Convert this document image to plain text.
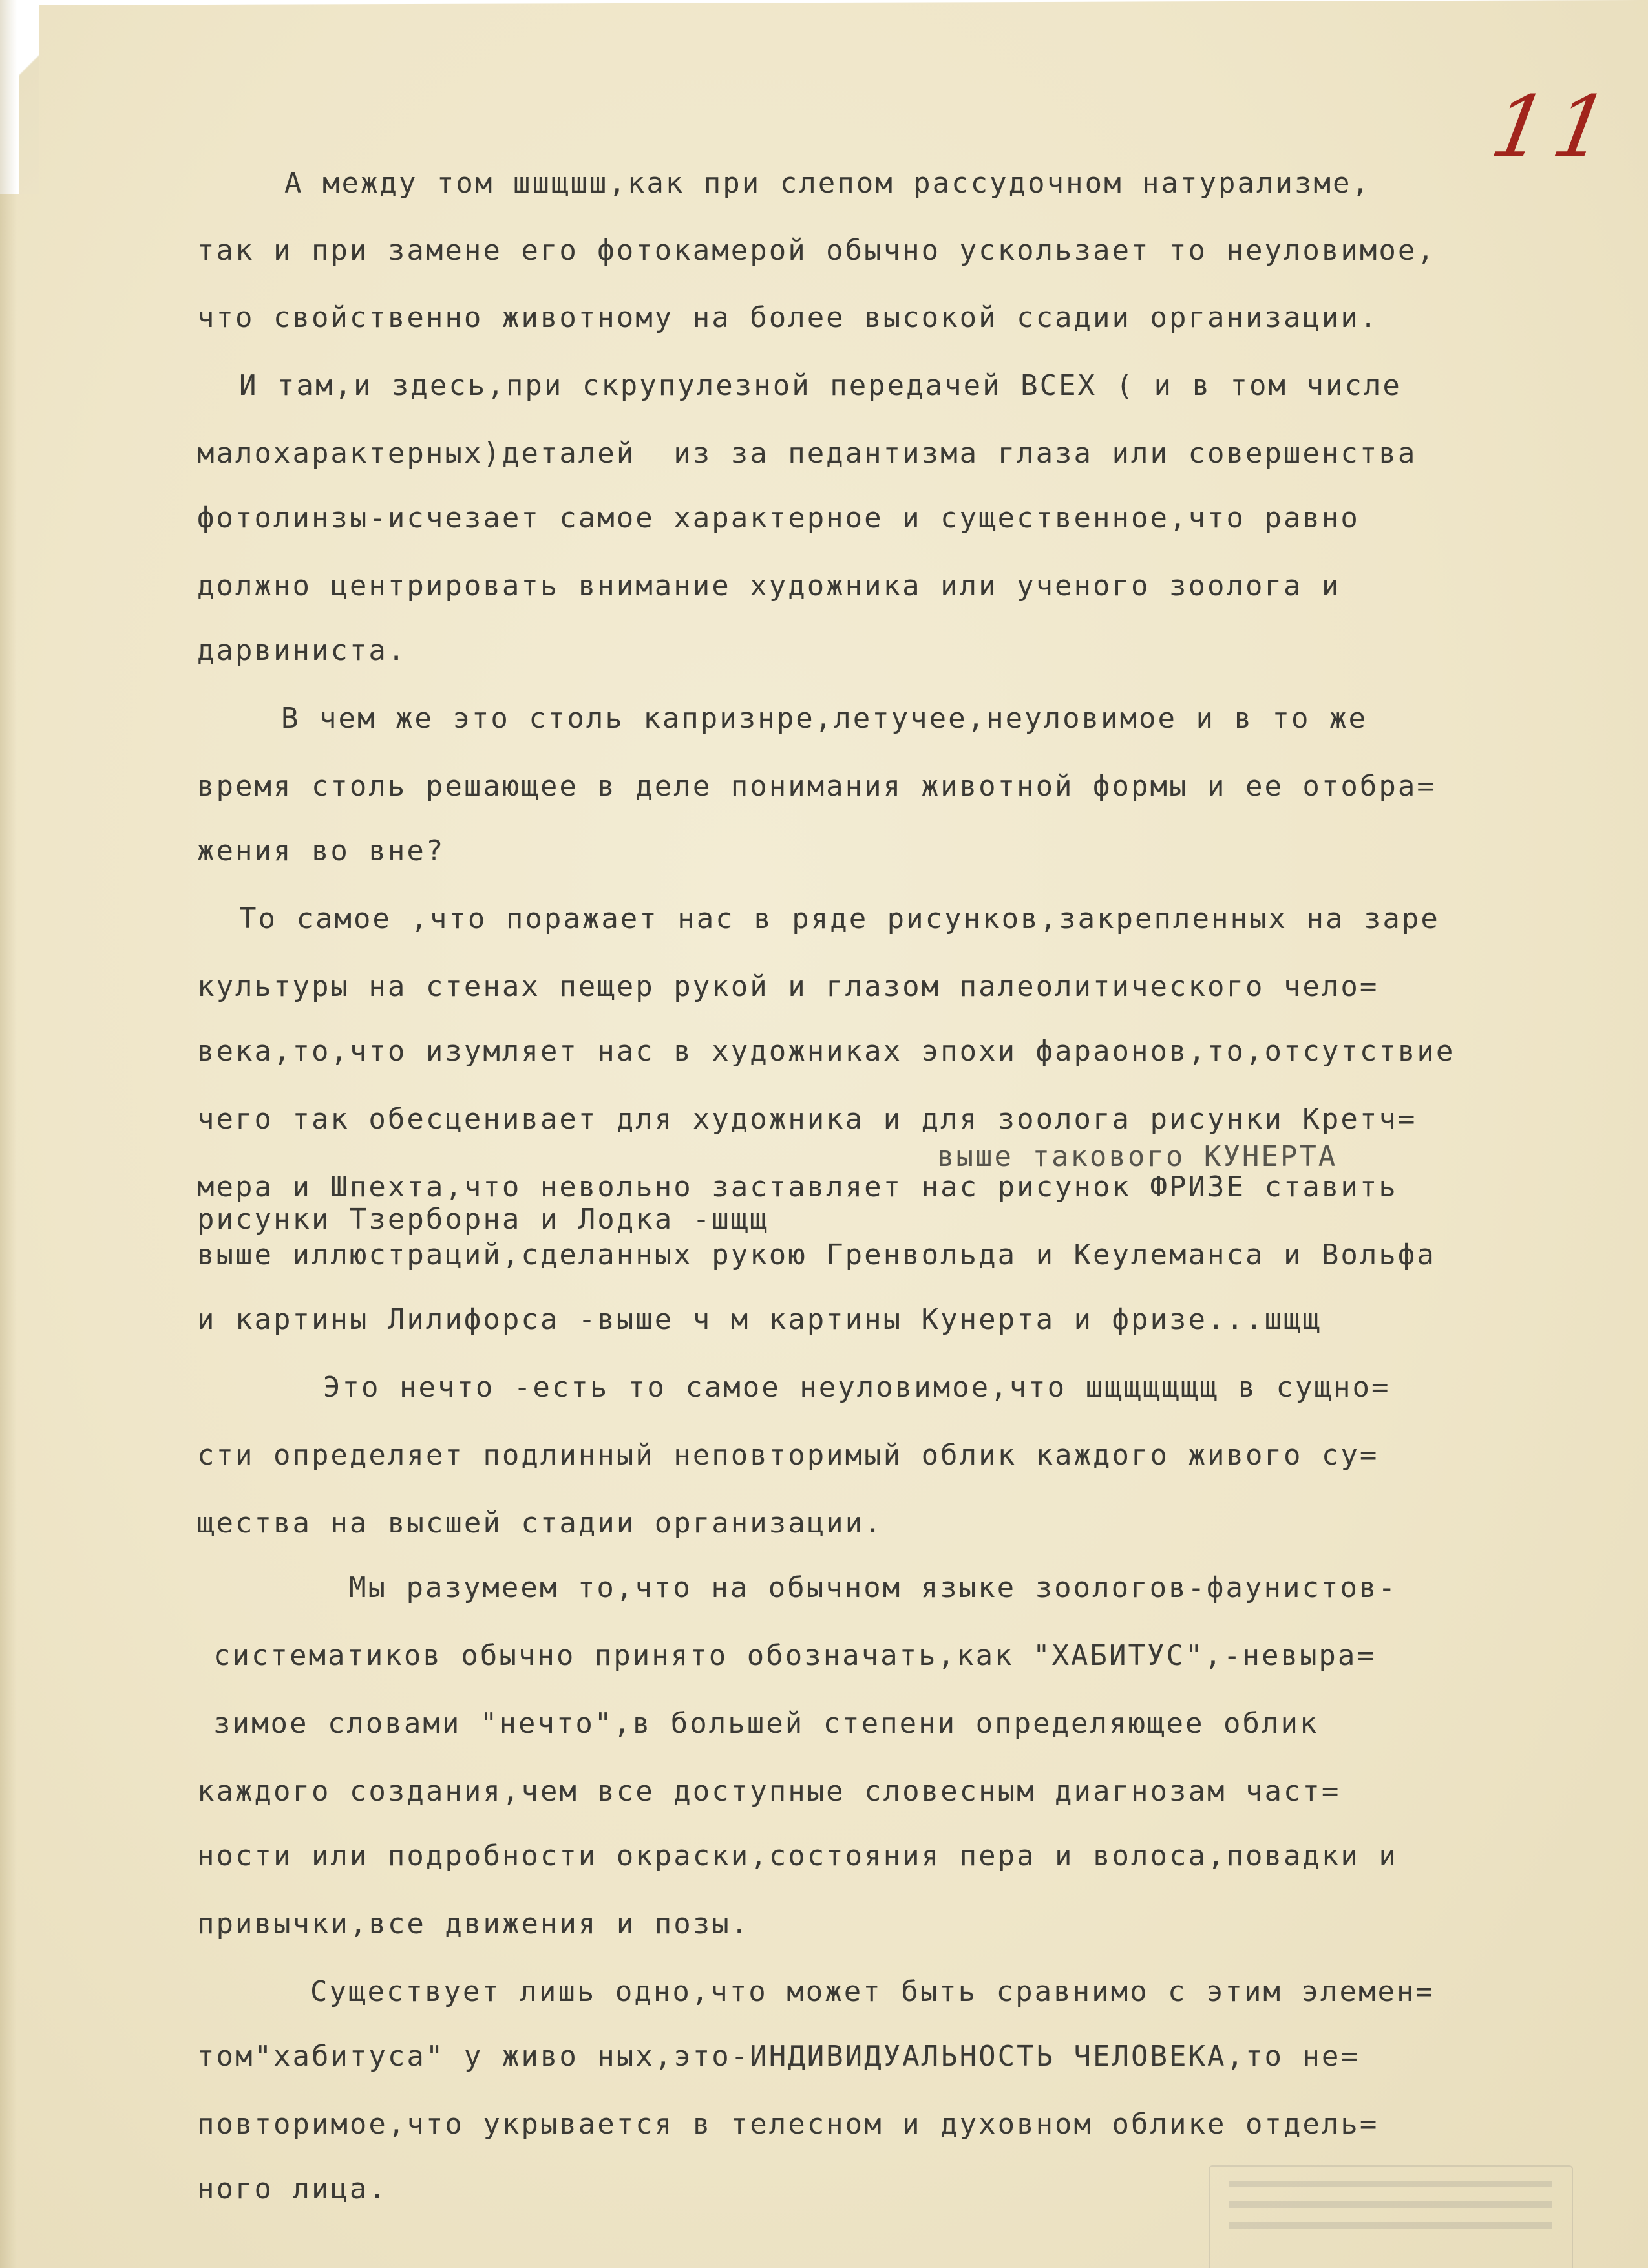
11
А между том шшщшш,как при слепом рассудочном натурализме,
так и при замене его фотокамерой обычно ускользает то неуловимое,
что свойственно животному на более высокой ссадии организации.
И там,и здесь,при скрупулезной передачей ВСЕХ ( и в том числе
малохарактерных)деталей  из за педантизма глаза или совершенства
фотолинзы-исчезает самое характерное и существенное,что равно
должно центрировать внимание художника или ученого зоолога и
дарвиниста.
В чем же это столь капризнре,летучее,неуловимое и в то же
время столь решающее в деле понимания животной формы и ее отобра=
жения во вне?
То самое ,что поражает нас в ряде рисунков,закрепленных на заре
культуры на стенах пещер рукой и глазом палеолитического чело=
века,то,что изумляет нас в художниках эпохи фараонов,то,отсутствие
чего так обесценивает для художника и для зоолога рисунки Кретч=
выше такового КУНЕРТА
мера и Шпехта,что невольно заставляет нас рисунок ФРИЗЕ ставить
рисунки Тзерборна и Лодка -шщщ
выше иллюстраций,сделанных рукою Гренвольда и Кеулеманса и Вольфа
и картины Лилифорса -выше ч м картины Кунерта и фризе...шщщ
Это нечто -есть то самое неуловимое,что шщщщщщщ в сущно=
сти определяет подлинный неповторимый облик каждого живого су=
щества на высшей стадии организации.
Мы разумеем то,что на обычном языке зоологов-фаунистов-
систематиков обычно принято обозначать,как "ХАБИТУС",-невыра=
зимое словами "нечто",в большей степени определяющее облик
каждого создания,чем все доступные словесным диагнозам част=
ности или подробности окраски,состояния пера и волоса,повадки и
привычки,все движения и позы.
Существует лишь одно,что может быть сравнимо с этим элемен=
том"хабитуса" у живо ных,это-ИНДИВИДУАЛЬНОСТЬ ЧЕЛОВЕКА,то не=
повторимое,что укрывается в телесном и духовном облике отдель=
ного лица.
